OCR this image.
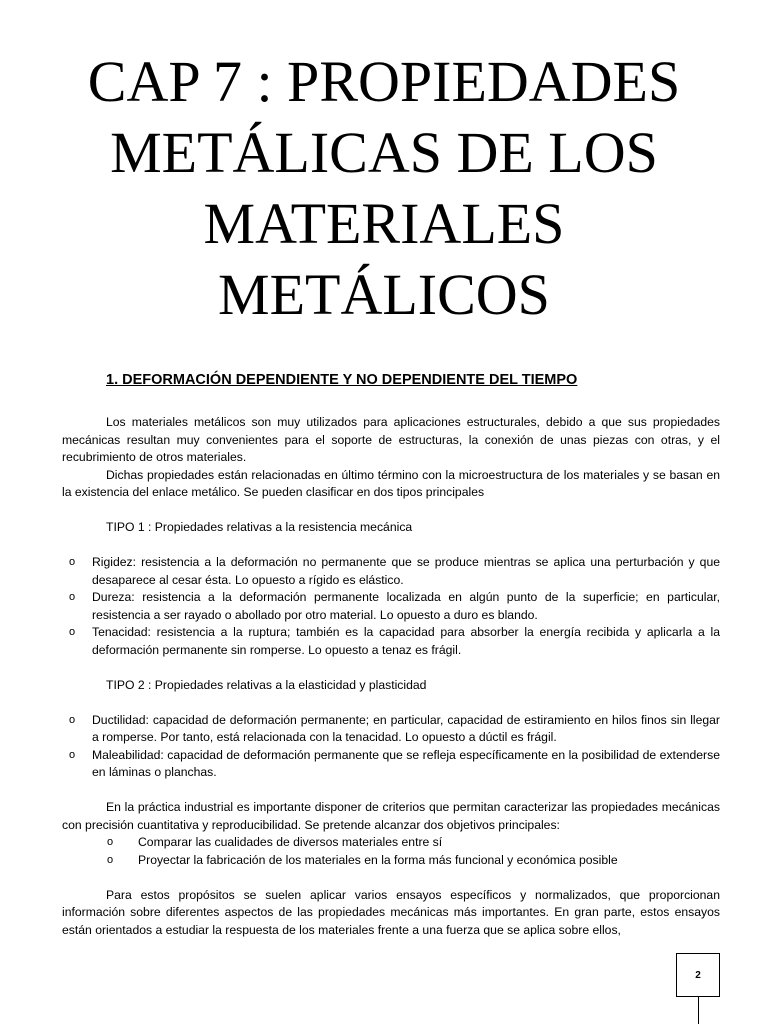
CAP 7 : PROPIEDADES
METÁLICAS DE LOS
MATERIALES
METÁLICOS
1. DEFORMACIÓN DEPENDIENTE Y NO DEPENDIENTE DEL TIEMPO

Los materiales metálicos son muy utilizados para aplicaciones estructurales, debido a que sus propiedades mecánicas resultan muy convenientes para el soporte de estructuras, la conexión de unas piezas con otras, y el recubrimiento de otros materiales.

Dichas propiedades están relacionadas en último término con la microestructura de los materiales y se basan en la existencia del enlace metálico. Se pueden clasificar en dos tipos principales

TIPO 1 : Propiedades relativas a la resistencia mecánica

o Rigidez: resistencia a la deformación no permanente que se produce mientras se aplica una perturbación y que desaparece al cesar ésta. Lo opuesto a rígido es elástico.
o Dureza: resistencia a la deformación permanente localizada en algún punto de la superficie; en particular, resistencia a ser rayado o abollado por otro material. Lo opuesto a duro es blando.
o Tenacidad: resistencia a la ruptura; también es la capacidad para absorber la energía recibida y aplicarla a la deformación permanente sin romperse. Lo opuesto a tenaz es frágil.

TIPO 2 : Propiedades relativas a la elasticidad y plasticidad

o Ductilidad: capacidad de deformación permanente; en particular, capacidad de estiramiento en hilos finos sin llegar a romperse. Por tanto, está relacionada con la tenacidad. Lo opuesto a dúctil es frágil.
o Maleabilidad: capacidad de deformación permanente que se refleja específicamente en la posibilidad de extenderse en láminas o planchas.

En la práctica industrial es importante disponer de criterios que permitan caracterizar las propiedades mecánicas con precisión cuantitativa y reproducibilidad. Se pretende alcanzar dos objetivos principales:

o Comparar las cualidades de diversos materiales entre sí
o Proyectar la fabricación de los materiales en la forma más funcional y económica posible

Para estos propósitos se suelen aplicar varios ensayos específicos y normalizados, que proporcionan información sobre diferentes aspectos de las propiedades mecánicas más importantes. En gran parte, estos ensayos están orientados a estudiar la respuesta de los materiales frente a una fuerza que se aplica sobre ellos,

2
